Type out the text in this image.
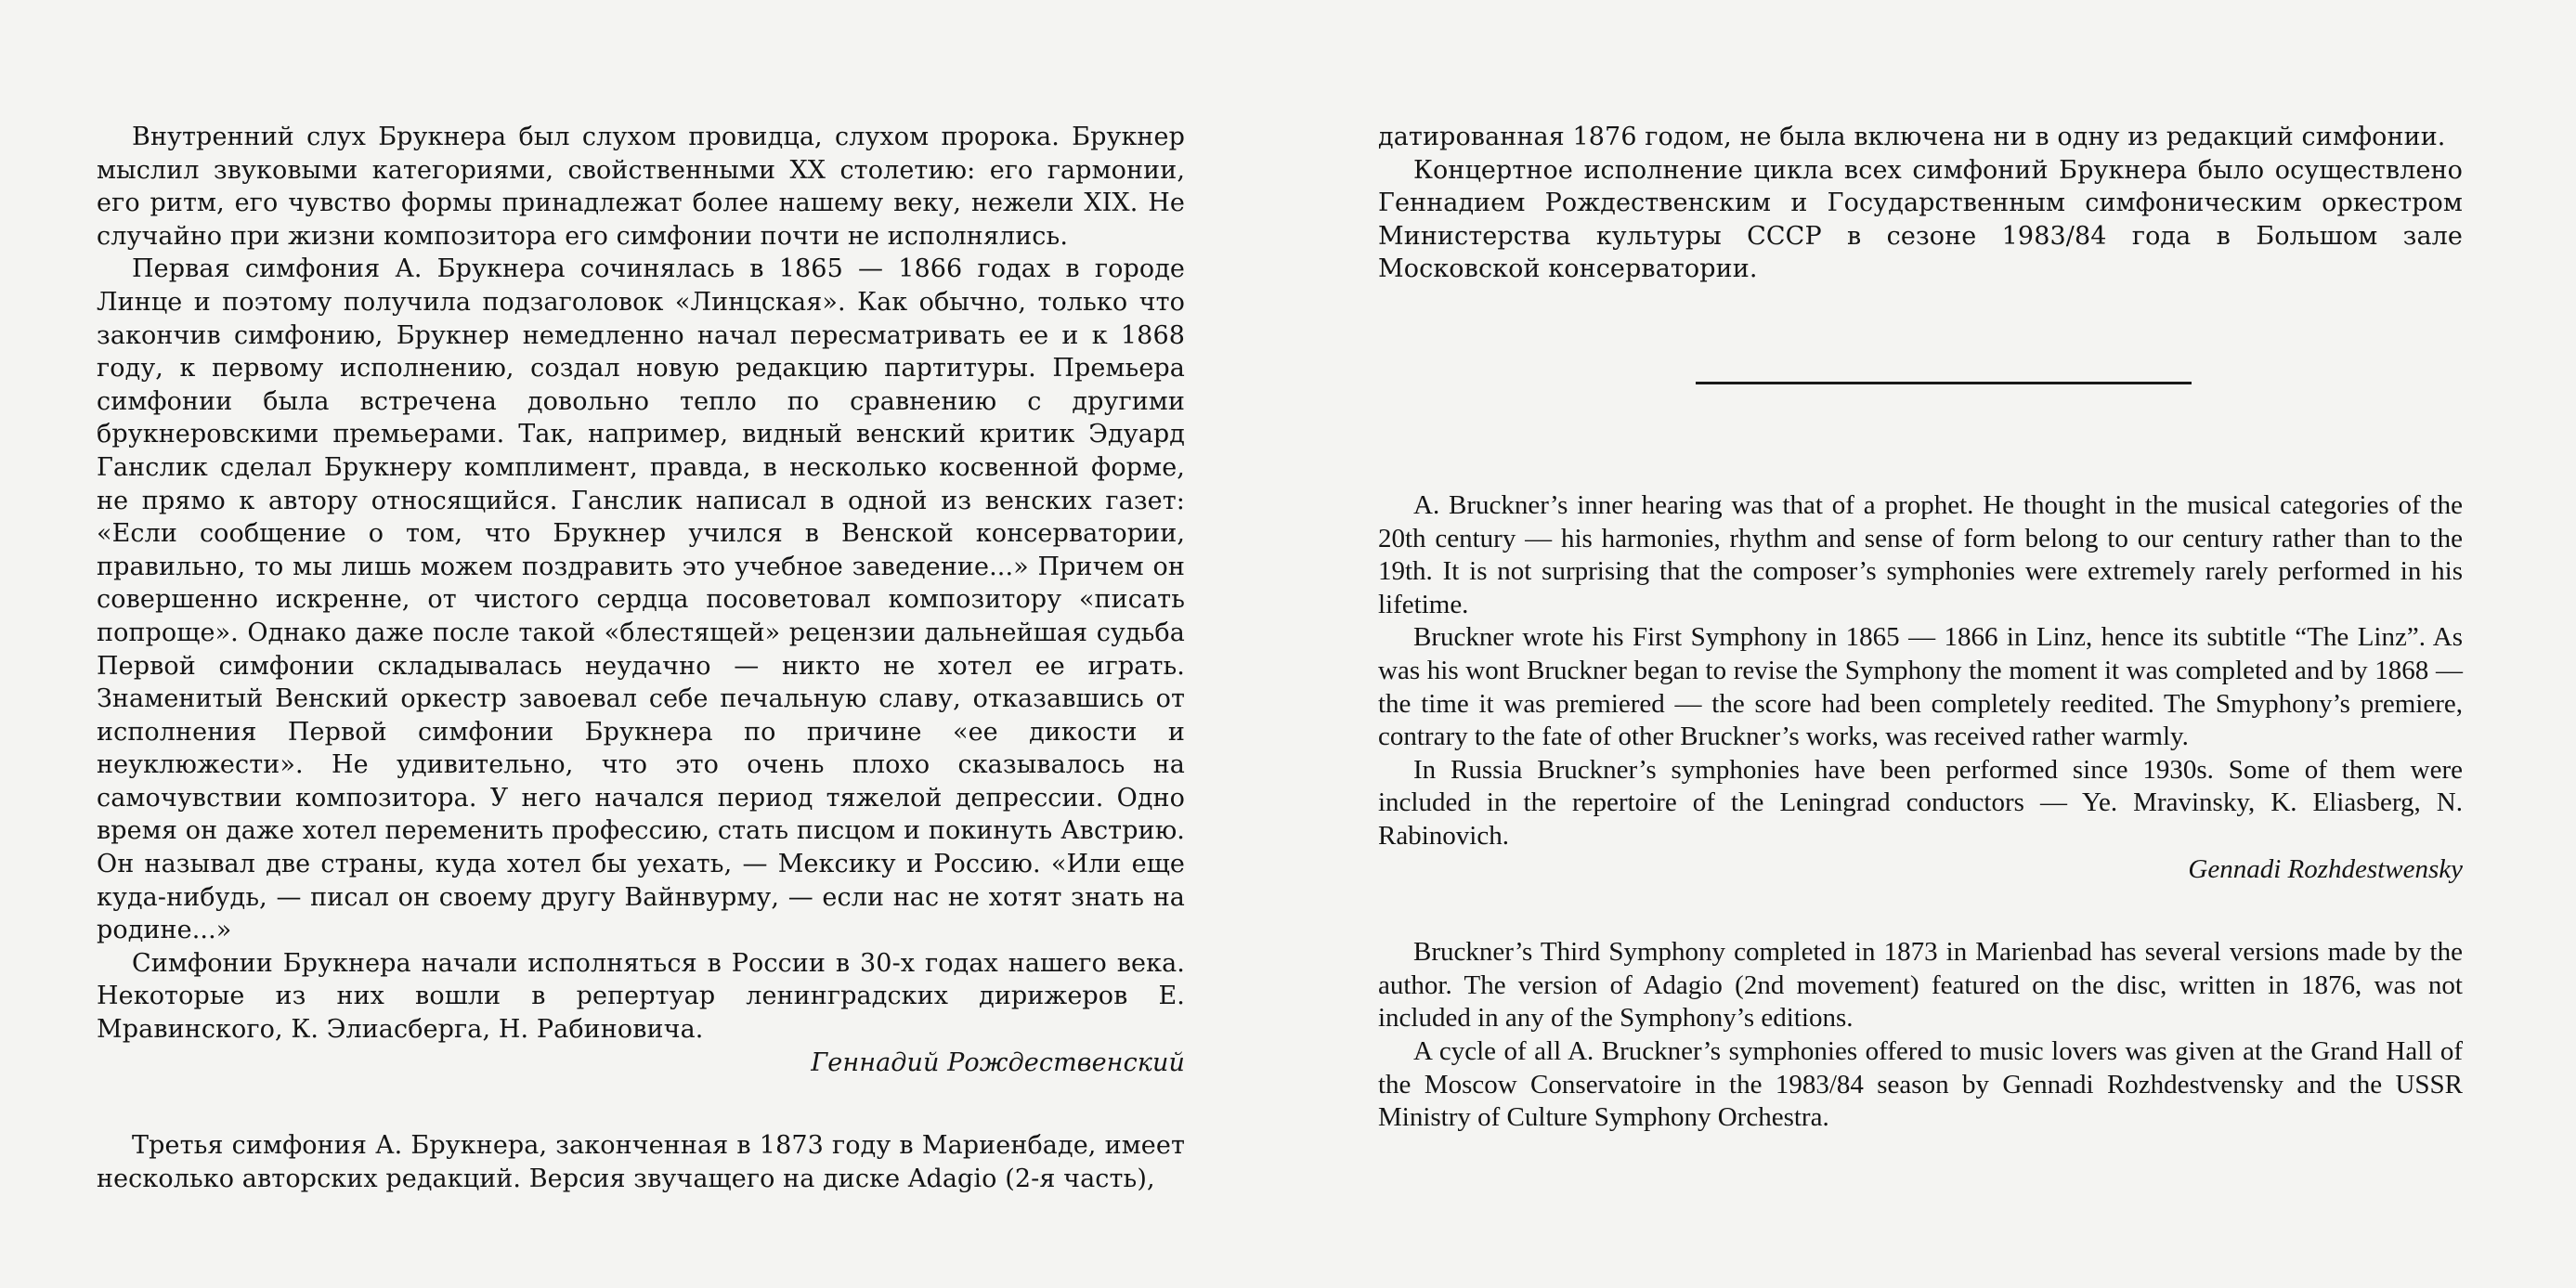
Внутренний слух Брукнера был слухом провидца, слухом пророка. Брукнер мыслил звуковыми категориями, свойственными XX столетию: его гармонии, его ритм, его чувство формы принадлежат более нашему веку, нежели XIX. Не случайно при жизни композитора его симфонии почти не исполнялись.

Первая симфония А. Брукнера сочинялась в 1865 — 1866 годах в городе Линце и поэтому получила подзаголовок «Линцская». Как обычно, только что закончив симфонию, Брукнер немедленно начал пересматривать ее и к 1868 году, к первому исполнению, создал новую редакцию партитуры. Премьера симфонии была встречена довольно тепло по сравнению с другими брукнеровскими премьерами. Так, например, видный венский критик Эдуард Ганслик сделал Брукнеру комплимент, правда, в несколько косвенной форме, не прямо к автору относящийся. Ганслик написал в одной из венских газет: «Если сообщение о том, что Брукнер учился в Венской консерватории, правильно, то мы лишь можем поздравить это учебное заведение...» Причем он совершенно искренне, от чистого сердца посоветовал композитору «писать попроще». Однако даже после такой «блестящей» рецензии дальнейшая судьба Первой симфонии складывалась неудачно — никто не хотел ее играть. Знаменитый Венский оркестр завоевал себе печальную славу, отказавшись от исполнения Первой симфонии Брукнера по причине «ее дикости и неуклюжести». Не удивительно, что это очень плохо сказывалось на самочувствии композитора. У него начался период тяжелой депрессии. Одно время он даже хотел переменить профессию, стать писцом и покинуть Австрию. Он называл две страны, куда хотел бы уехать, — Мексику и Россию. «Или еще куда-нибудь, — писал он своему другу Вайнвурму, — если нас не хотят знать на родине...»

Симфонии Брукнера начали исполняться в России в 30-х годах нашего века. Некоторые из них вошли в репертуар ленинградских дирижеров Е. Мравинского, К. Элиасберга, Н. Рабиновича.

Геннадий Рождественский

Третья симфония А. Брукнера, законченная в 1873 году в Мариенбаде, имеет несколько авторских редакций. Версия звучащего на диске Adagio (2-я часть),

датированная 1876 годом, не была включена ни в одну из редакций симфонии.

Концертное исполнение цикла всех симфоний Брукнера было осуществлено Геннадием Рождественским и Государственным симфоническим оркестром Министерства культуры СССР в сезоне 1983/84 года в Большом зале Московской консерватории.

A. Bruckner’s inner hearing was that of a prophet. He thought in the musical categories of the 20th century — his harmonies, rhythm and sense of form belong to our century rather than to the 19th. It is not surprising that the composer’s symphonies were extremely rarely performed in his lifetime.

Bruckner wrote his First Symphony in 1865 — 1866 in Linz, hence its subtitle “The Linz”. As was his wont Bruckner began to revise the Symphony the moment it was completed and by 1868 — the time it was premiered — the score had been completely reedited. The Smyphony’s premiere, contrary to the fate of other Bruckner’s works, was received rather warmly.

In Russia Bruckner’s symphonies have been performed since 1930s. Some of them were included in the repertoire of the Leningrad conductors — Ye. Mravinsky, K. Eliasberg, N. Rabinovich.

Gennadi Rozhdestwensky

Bruckner’s Third Symphony completed in 1873 in Marienbad has several versions made by the author. The version of Adagio (2nd movement) featured on the disc, written in 1876, was not included in any of the Symphony’s editions.

A cycle of all A. Bruckner’s symphonies offered to music lovers was given at the Grand Hall of the Moscow Conservatoire in the 1983/84 season by Gennadi Rozhdestvensky and the USSR Ministry of Culture Symphony Orchestra.
